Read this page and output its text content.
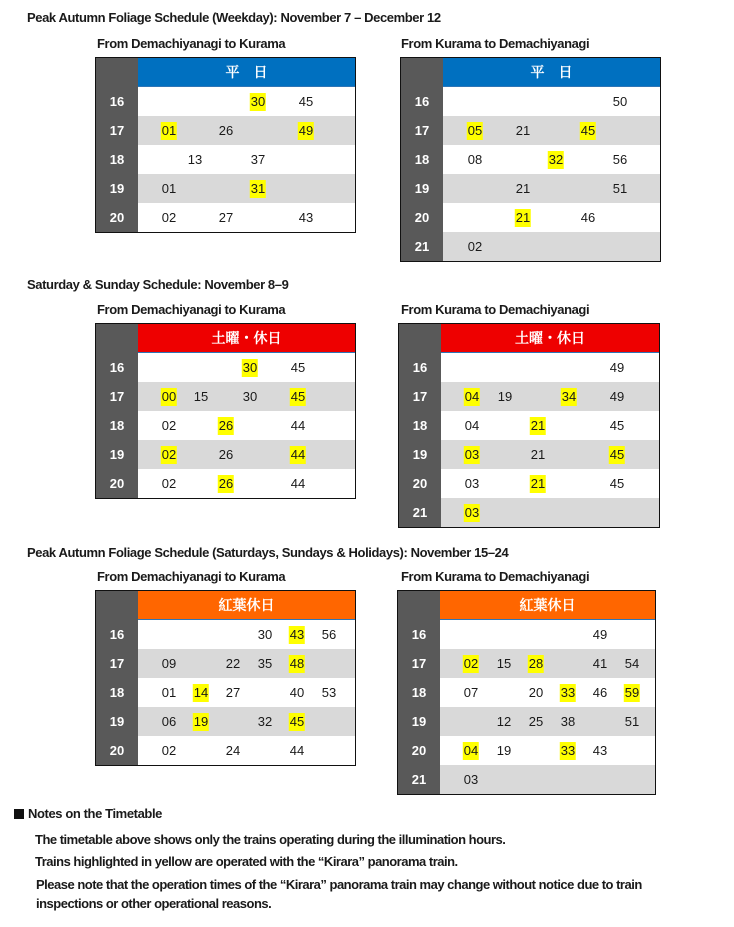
Peak Autumn Foliage Schedule (Weekday): November 7 – December 12
Saturday & Sunday Schedule: November 8–9
Peak Autumn Foliage Schedule (Saturdays, Sundays & Holidays): November 15–24
From Demachiyanagi to Kurama	From Kurama to Demachiyanagi
From Demachiyanagi to Kurama	From Kurama to Demachiyanagi
From Demachiyanagi to Kurama	From Kurama to Demachiyanagi
平　日
16	30	45
17	01	26	49
18	13	37
19	01	31
20	02	27	43
平　日
16	50
17	05	21	45
18	08	32	56
19	21	51
20	21	46
21	02
土曜・休日
16	30	45
17	00 15	30	45
18	02	26	44
19	02	26	44
20	02	26	44
土曜・休日
16	49
17	04 19	34	49
18	04	21	45
19	03	21	45
20	03	21	45
21	03
紅葉休日
16	30 43 56
17	09	22 35 48
18	01 14 27	40 53
19	06 19	32 45
20	02	24	44
紅葉休日
16	49
17	02 15 28	41 54
18	07	20 33 46 59
19	12 25 38	51
20	04 19	33 43
21	03
Notes on the Timetable
The timetable above shows only the trains operating during the illumination hours.
Trains highlighted in yellow are operated with the “Kirara” panorama train.
Please note that the operation times of the “Kirara” panorama train may change without notice due to train inspections or other operational reasons.
